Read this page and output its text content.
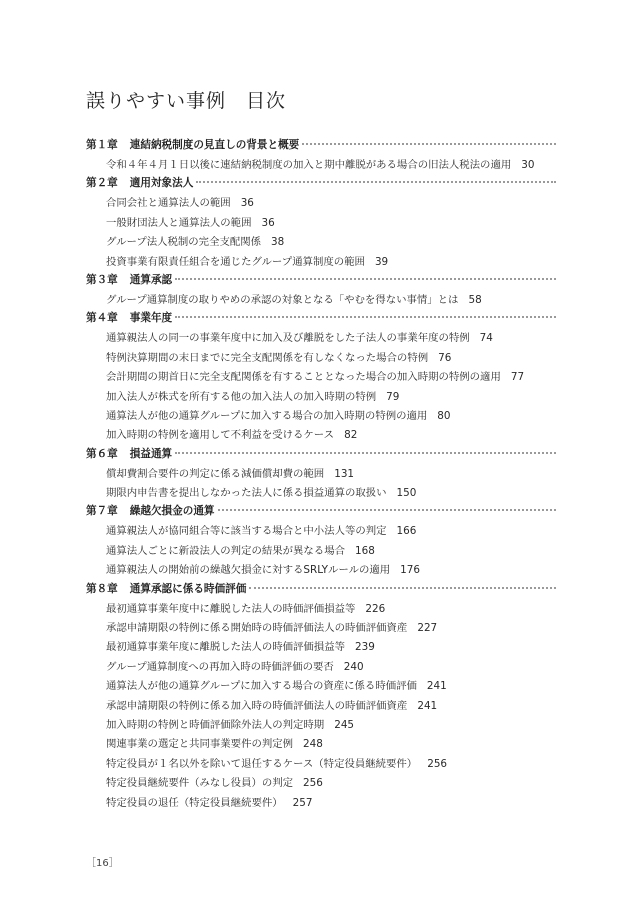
誤りやすい事例　目次
第１章 連結納税制度の見直しの背景と概要
令和４年４月１日以後に連結納税制度の加入と期中離脱がある場合の旧法人税法の適用 30
第２章 適用対象法人
合同会社と通算法人の範囲 36
一般財団法人と通算法人の範囲 36
グループ法人税制の完全支配関係 38
投資事業有限責任組合を通じたグループ通算制度の範囲 39
第３章 通算承認
グループ通算制度の取りやめの承認の対象となる「やむを得ない事情」とは 58
第４章 事業年度
通算親法人の同一の事業年度中に加入及び離脱をした子法人の事業年度の特例 74
特例決算期間の末日までに完全支配関係を有しなくなった場合の特例 76
会計期間の期首日に完全支配関係を有することとなった場合の加入時期の特例の適用 77
加入法人が株式を所有する他の加入法人の加入時期の特例 79
通算法人が他の通算グループに加入する場合の加入時期の特例の適用 80
加入時期の特例を適用して不利益を受けるケース 82
第６章 損益通算
償却費割合要件の判定に係る減価償却費の範囲 131
期限内申告書を提出しなかった法人に係る損益通算の取扱い 150
第７章 繰越欠損金の通算
通算親法人が協同組合等に該当する場合と中小法人等の判定 166
通算法人ごとに新設法人の判定の結果が異なる場合 168
通算親法人の開始前の繰越欠損金に対するSRLYルールの適用 176
第８章 通算承認に係る時価評価
最初通算事業年度中に離脱した法人の時価評価損益等 226
承認申請期限の特例に係る開始時の時価評価法人の時価評価資産 227
最初通算事業年度に離脱した法人の時価評価損益等 239
グループ通算制度への再加入時の時価評価の要否 240
通算法人が他の通算グループに加入する場合の資産に係る時価評価 241
承認申請期限の特例に係る加入時の時価評価法人の時価評価資産 241
加入時期の特例と時価評価除外法人の判定時期 245
関連事業の選定と共同事業要件の判定例 248
特定役員が１名以外を除いて退任するケース（特定役員継続要件） 256
特定役員継続要件（みなし役員）の判定 256
特定役員の退任（特定役員継続要件） 257
［16］
